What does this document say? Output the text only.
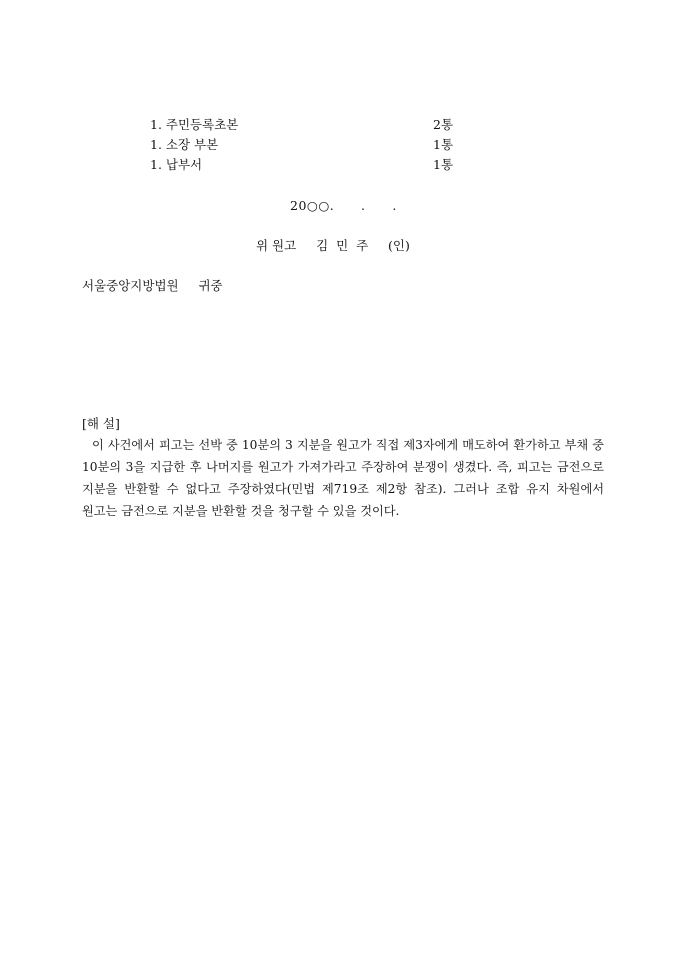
1. 주민등록초본	2통
1. 소장 부본	1통
1. 납부서	1통
20○○.      .      .
위 원고     김  민  주     (인)
서울중앙지방법원     귀중
[해 설]
이 사건에서 피고는 선박 중 10분의 3 지분을 원고가 직접 제3자에게 매도하여 환가하고 부채 중 10분의 3을 지급한 후 나머지를 원고가 가져가라고 주장하여 분쟁이 생겼다. 즉, 피고는 금전으로 지분을 반환할 수 없다고 주장하였다(민법 제719조 제2항 참조). 그러나 조합 유지 차원에서 원고는 금전으로 지분을 반환할 것을 청구할 수 있을 것이다.
